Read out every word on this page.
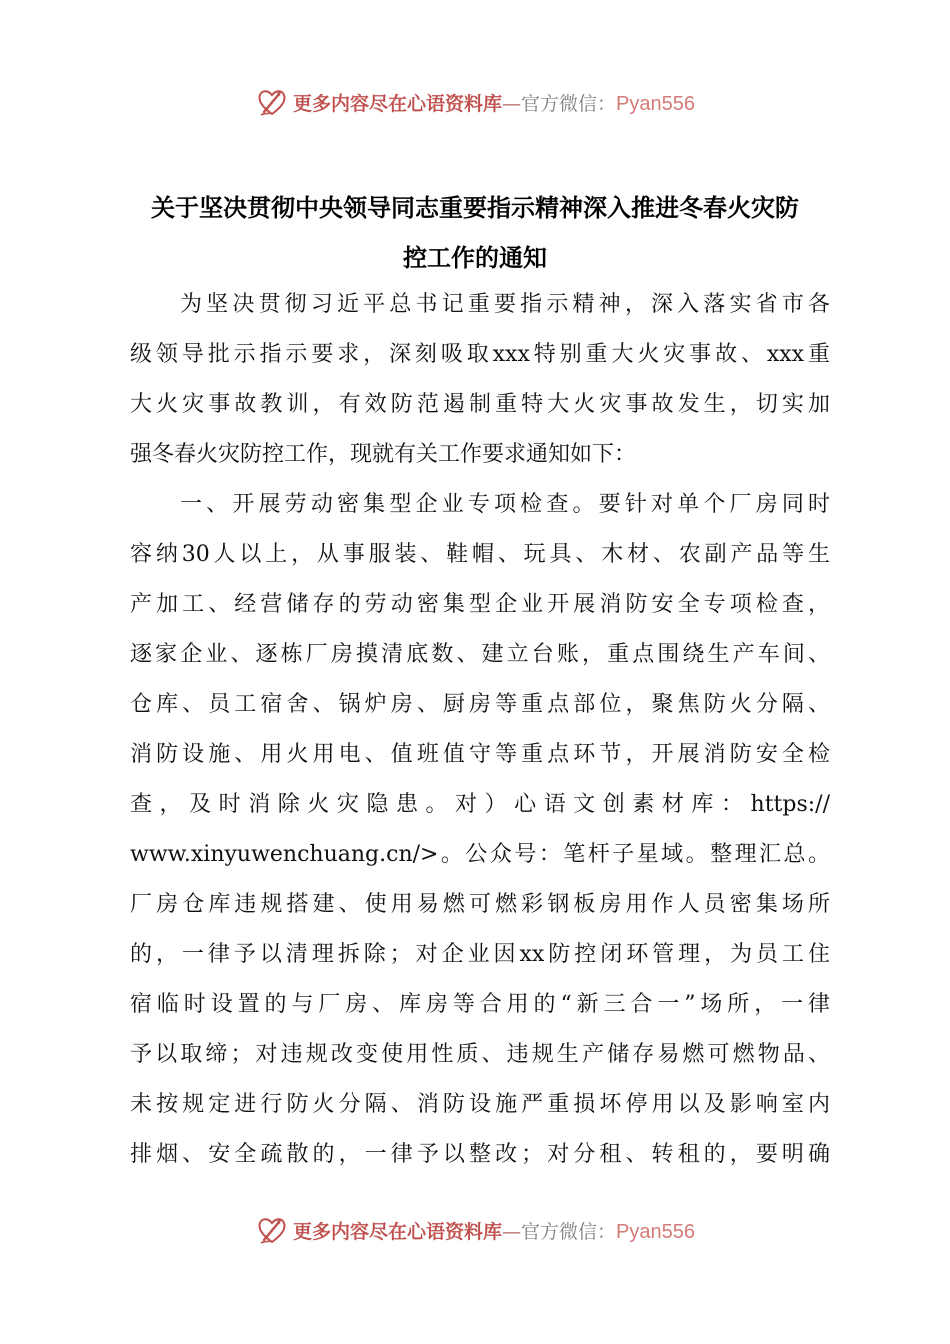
更多内容尽在心语资料库—官方微信：Pyan556
关于坚决贯彻中央领导同志重要指示精神深入推进冬春火灾防
控工作的通知
为坚决贯彻习近平总书记重要指示精神，深入落实省市各
级领导批示指示要求，深刻吸取xxx特别重大火灾事故、xxx重
大火灾事故教训，有效防范遏制重特大火灾事故发生，切实加
强冬春火灾防控工作，现就有关工作要求通知如下：
一、开展劳动密集型企业专项检查。要针对单个厂房同时
容纳30人以上，从事服装、鞋帽、玩具、木材、农副产品等生
产加工、经营储存的劳动密集型企业开展消防安全专项检查，
逐家企业、逐栋厂房摸清底数、建立台账，重点围绕生产车间、
仓库、员工宿舍、锅炉房、厨房等重点部位，聚焦防火分隔、
消防设施、用火用电、值班值守等重点环节，开展消防安全检
查，及时消除火灾隐患。对）心语文创素材库：https://
www.xinyuwenchuang.cn/>。公众号：笔杆子星域。整理汇总。
厂房仓库违规搭建、使用易燃可燃彩钢板房用作人员密集场所
的，一律予以清理拆除；对企业因xx防控闭环管理，为员工住
宿临时设置的与厂房、库房等合用的“新三合一”场所，一律
予以取缔；对违规改变使用性质、违规生产储存易燃可燃物品、
未按规定进行防火分隔、消防设施严重损坏停用以及影响室内
排烟、安全疏散的，一律予以整改；对分租、转租的，要明确
更多内容尽在心语资料库—官方微信：Pyan556
